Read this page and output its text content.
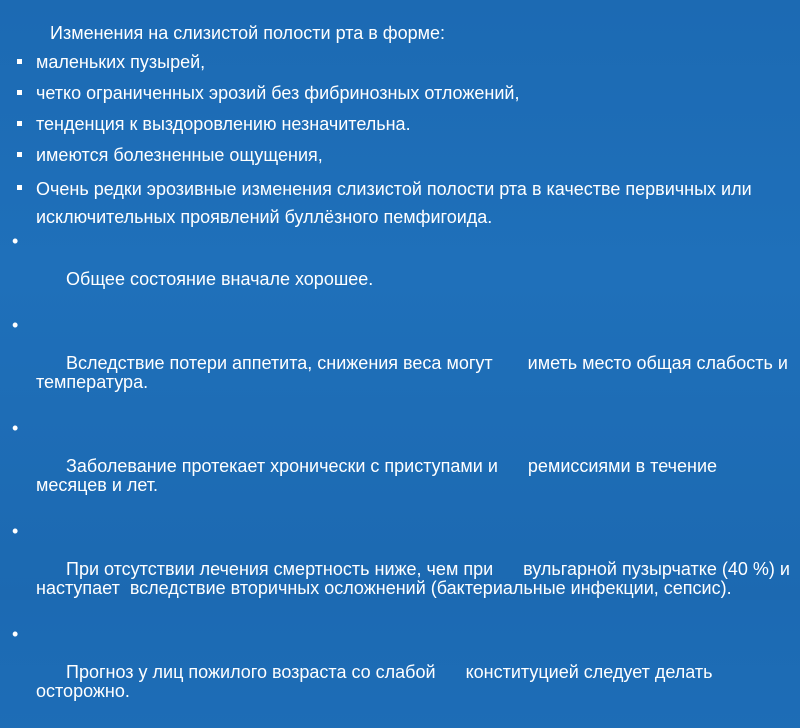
Изменения на слизистой полости рта в форме:
маленьких пузырей,
четко ограниченных эрозий без фибринозных отложений,
тенденция к выздоровлению незначительна.
имеются болезненные ощущения,
Очень редки эрозивные изменения слизистой полости рта в качестве первичных или исключительных проявлений буллёзного пемфигоида.

•

Общее состояние вначале хорошее.

•

Вследствие потери аппетита, снижения веса могут       иметь место общая слабость и температура.

•

Заболевание протекает хронически с приступами и      ремиссиями в течение месяцев и лет.

•

При отсутствии лечения смертность ниже, чем при      вульгарной пузырчатке (40 %) и наступает  вследствие вторичных осложнений (бактериальные инфекции, сепсис).

•

Прогноз у лиц пожилого возраста со слабой      конституцией следует делать осторожно.
